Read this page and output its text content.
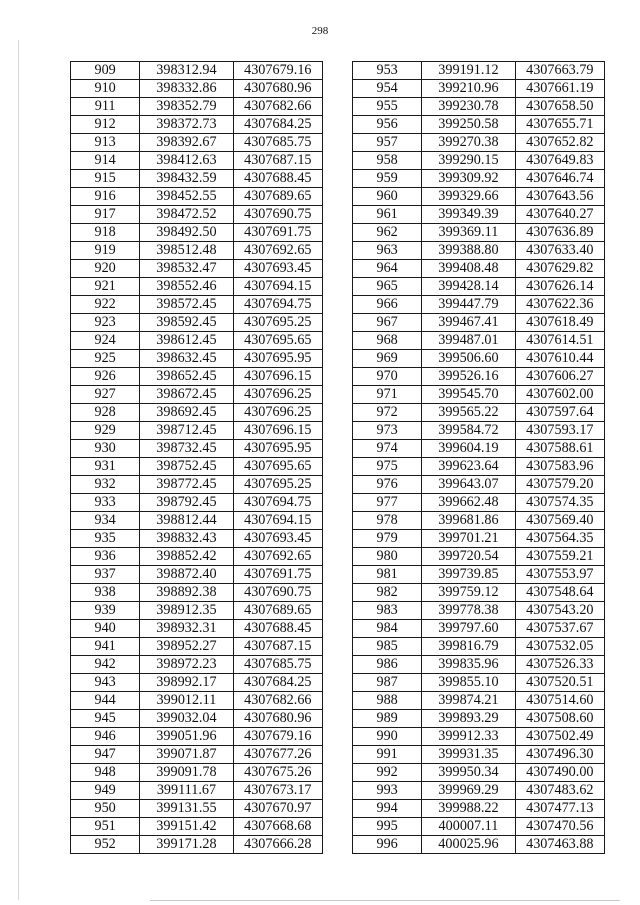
298
909	398312.94	4307679.16
910	398332.86	4307680.96
911	398352.79	4307682.66
912	398372.73	4307684.25
913	398392.67	4307685.75
914	398412.63	4307687.15
915	398432.59	4307688.45
916	398452.55	4307689.65
917	398472.52	4307690.75
918	398492.50	4307691.75
919	398512.48	4307692.65
920	398532.47	4307693.45
921	398552.46	4307694.15
922	398572.45	4307694.75
923	398592.45	4307695.25
924	398612.45	4307695.65
925	398632.45	4307695.95
926	398652.45	4307696.15
927	398672.45	4307696.25
928	398692.45	4307696.25
929	398712.45	4307696.15
930	398732.45	4307695.95
931	398752.45	4307695.65
932	398772.45	4307695.25
933	398792.45	4307694.75
934	398812.44	4307694.15
935	398832.43	4307693.45
936	398852.42	4307692.65
937	398872.40	4307691.75
938	398892.38	4307690.75
939	398912.35	4307689.65
940	398932.31	4307688.45
941	398952.27	4307687.15
942	398972.23	4307685.75
943	398992.17	4307684.25
944	399012.11	4307682.66
945	399032.04	4307680.96
946	399051.96	4307679.16
947	399071.87	4307677.26
948	399091.78	4307675.26
949	399111.67	4307673.17
950	399131.55	4307670.97
951	399151.42	4307668.68
952	399171.28	4307666.28
953	399191.12	4307663.79
954	399210.96	4307661.19
955	399230.78	4307658.50
956	399250.58	4307655.71
957	399270.38	4307652.82
958	399290.15	4307649.83
959	399309.92	4307646.74
960	399329.66	4307643.56
961	399349.39	4307640.27
962	399369.11	4307636.89
963	399388.80	4307633.40
964	399408.48	4307629.82
965	399428.14	4307626.14
966	399447.79	4307622.36
967	399467.41	4307618.49
968	399487.01	4307614.51
969	399506.60	4307610.44
970	399526.16	4307606.27
971	399545.70	4307602.00
972	399565.22	4307597.64
973	399584.72	4307593.17
974	399604.19	4307588.61
975	399623.64	4307583.96
976	399643.07	4307579.20
977	399662.48	4307574.35
978	399681.86	4307569.40
979	399701.21	4307564.35
980	399720.54	4307559.21
981	399739.85	4307553.97
982	399759.12	4307548.64
983	399778.38	4307543.20
984	399797.60	4307537.67
985	399816.79	4307532.05
986	399835.96	4307526.33
987	399855.10	4307520.51
988	399874.21	4307514.60
989	399893.29	4307508.60
990	399912.33	4307502.49
991	399931.35	4307496.30
992	399950.34	4307490.00
993	399969.29	4307483.62
994	399988.22	4307477.13
995	400007.11	4307470.56
996	400025.96	4307463.88
